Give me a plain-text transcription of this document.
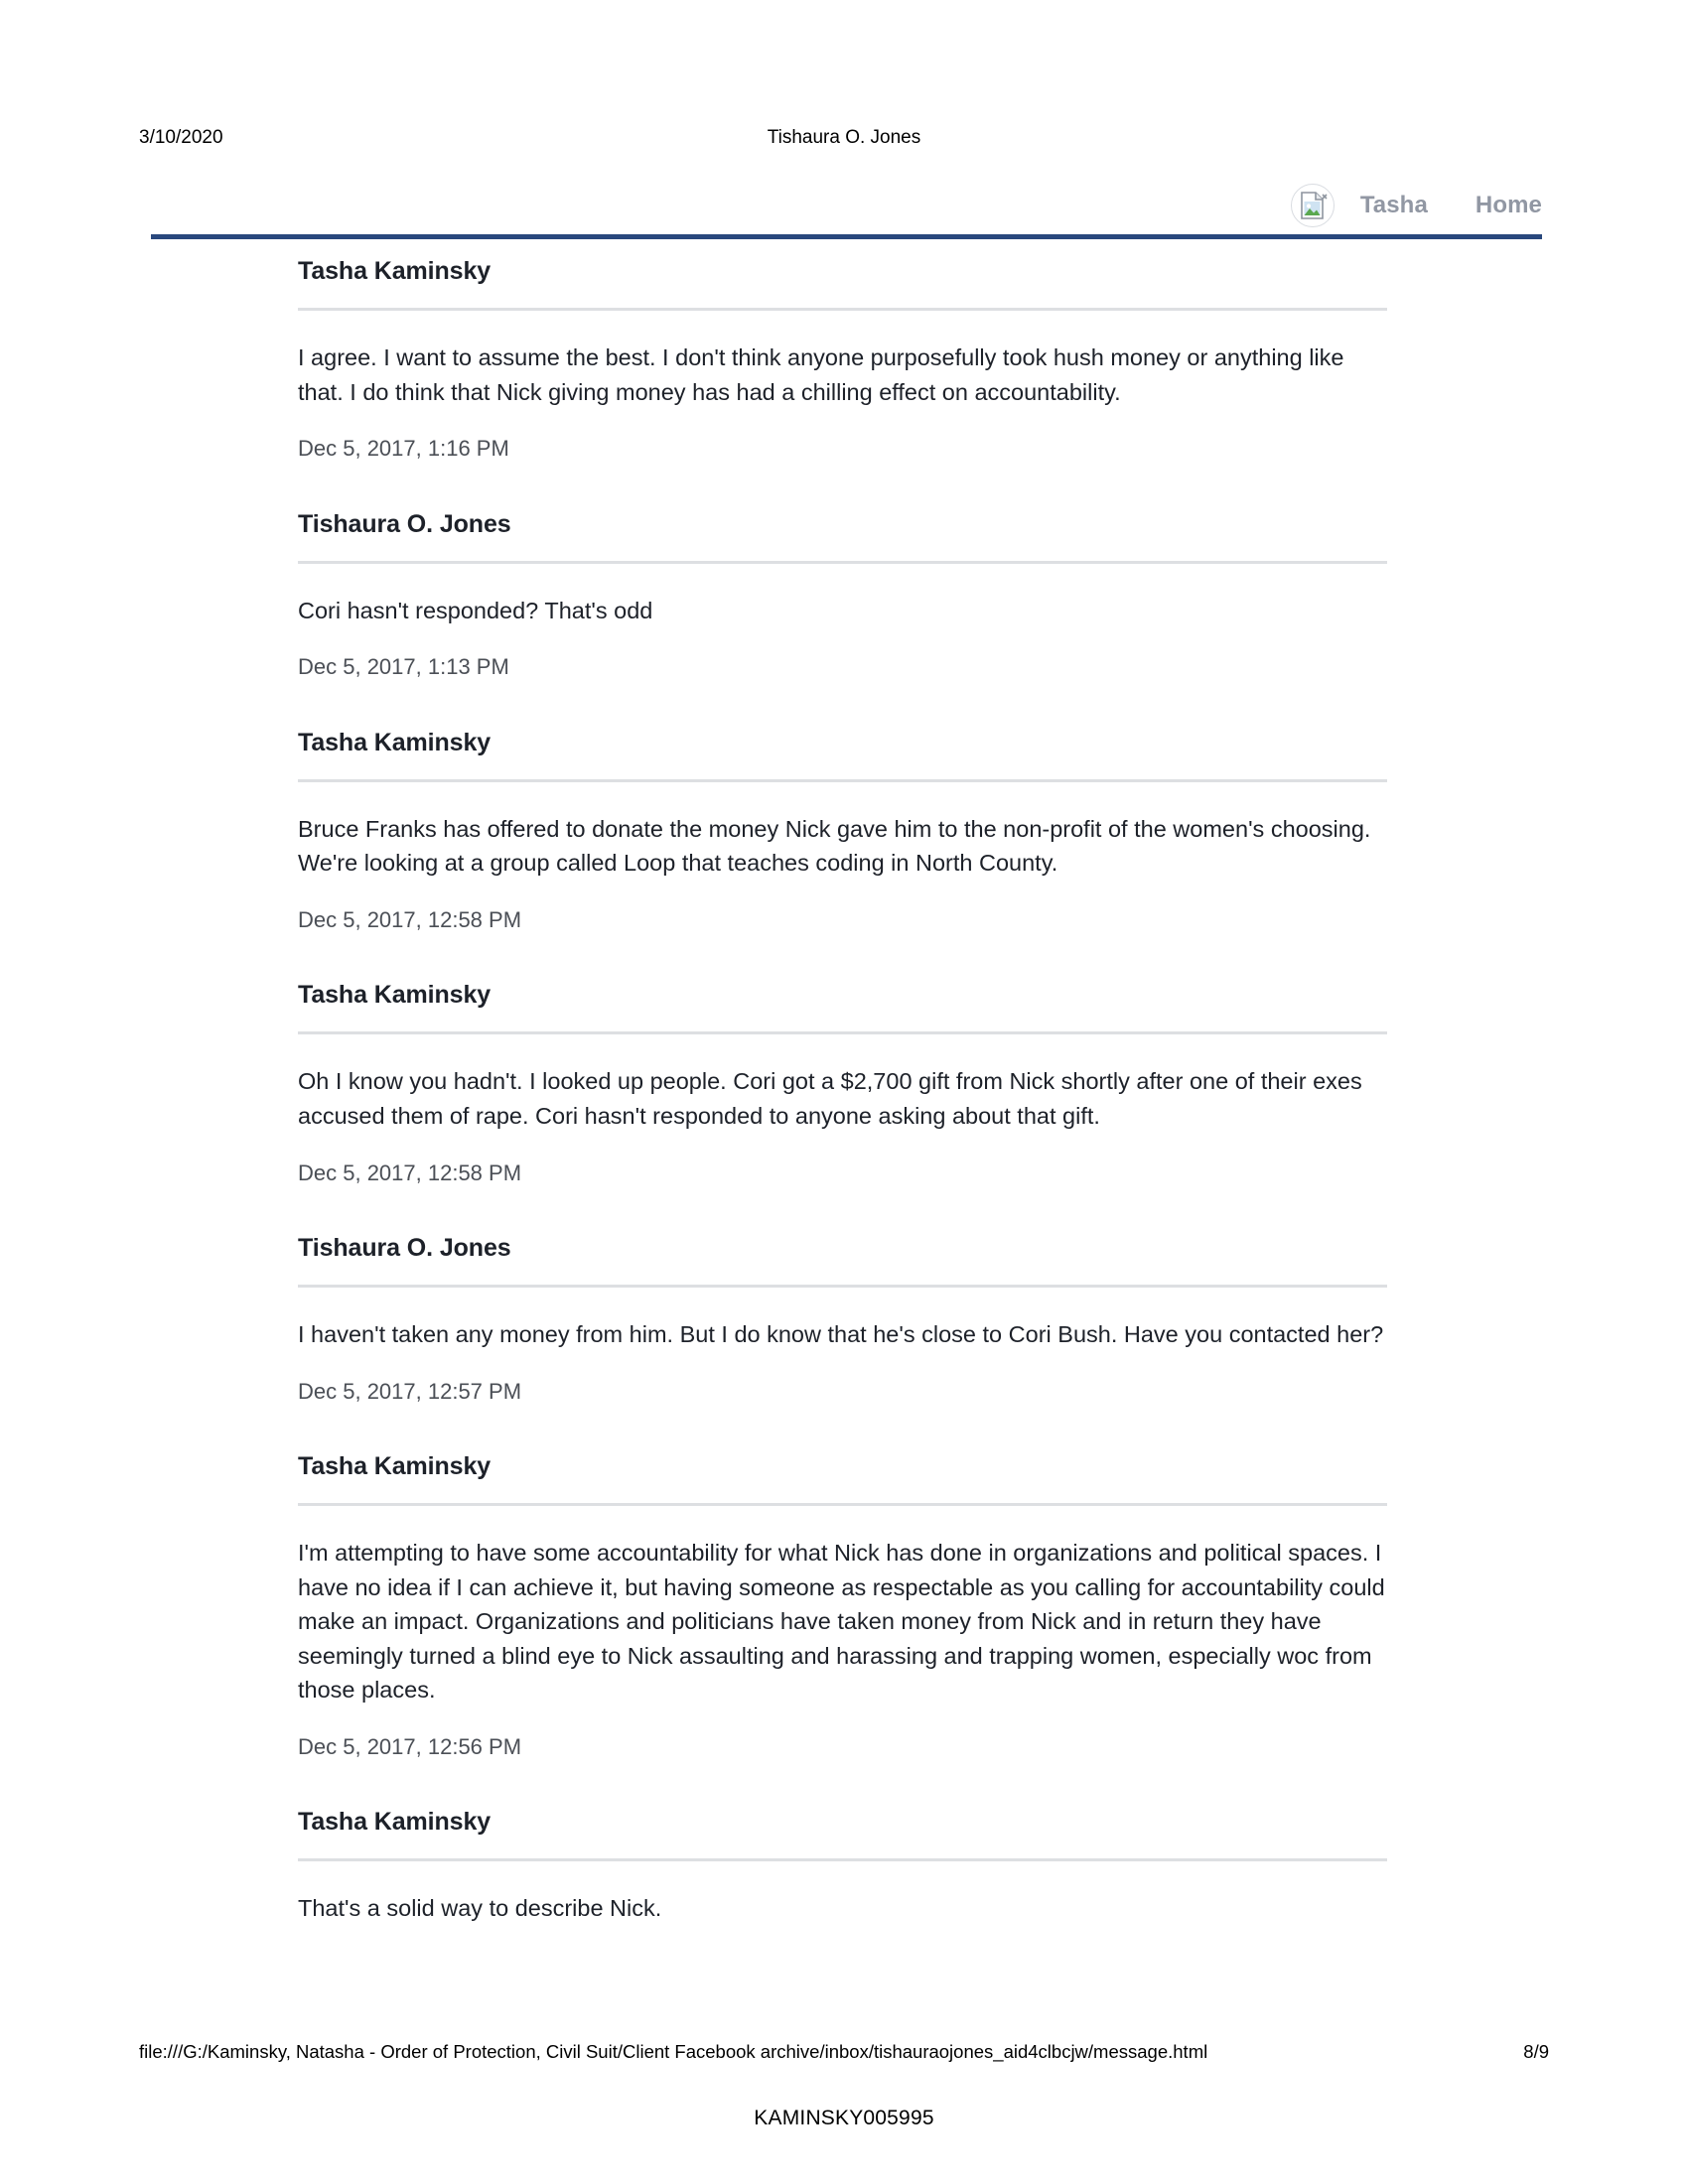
3/10/2020	Tishaura O. Jones
Tasha Home
Tasha Kaminsky
I agree. I want to assume the best. I don't think anyone purposefully took hush money or anything like that. I do think that Nick giving money has had a chilling effect on accountability.
Dec 5, 2017, 1:16 PM
Tishaura O. Jones
Cori hasn't responded? That's odd
Dec 5, 2017, 1:13 PM
Tasha Kaminsky
Bruce Franks has offered to donate the money Nick gave him to the non-profit of the women's choosing. We're looking at a group called Loop that teaches coding in North County.
Dec 5, 2017, 12:58 PM
Tasha Kaminsky
Oh I know you hadn't. I looked up people. Cori got a $2,700 gift from Nick shortly after one of their exes accused them of rape. Cori hasn't responded to anyone asking about that gift.
Dec 5, 2017, 12:58 PM
Tishaura O. Jones
I haven't taken any money from him. But I do know that he's close to Cori Bush. Have you contacted her?
Dec 5, 2017, 12:57 PM
Tasha Kaminsky
I'm attempting to have some accountability for what Nick has done in organizations and political spaces. I have no idea if I can achieve it, but having someone as respectable as you calling for accountability could make an impact. Organizations and politicians have taken money from Nick and in return they have seemingly turned a blind eye to Nick assaulting and harassing and trapping women, especially woc from those places.
Dec 5, 2017, 12:56 PM
Tasha Kaminsky
That's a solid way to describe Nick.
file:///G:/Kaminsky, Natasha - Order of Protection, Civil Suit/Client Facebook archive/inbox/tishauraojones_aid4clbcjw/message.html	8/9
KAMINSKY005995
